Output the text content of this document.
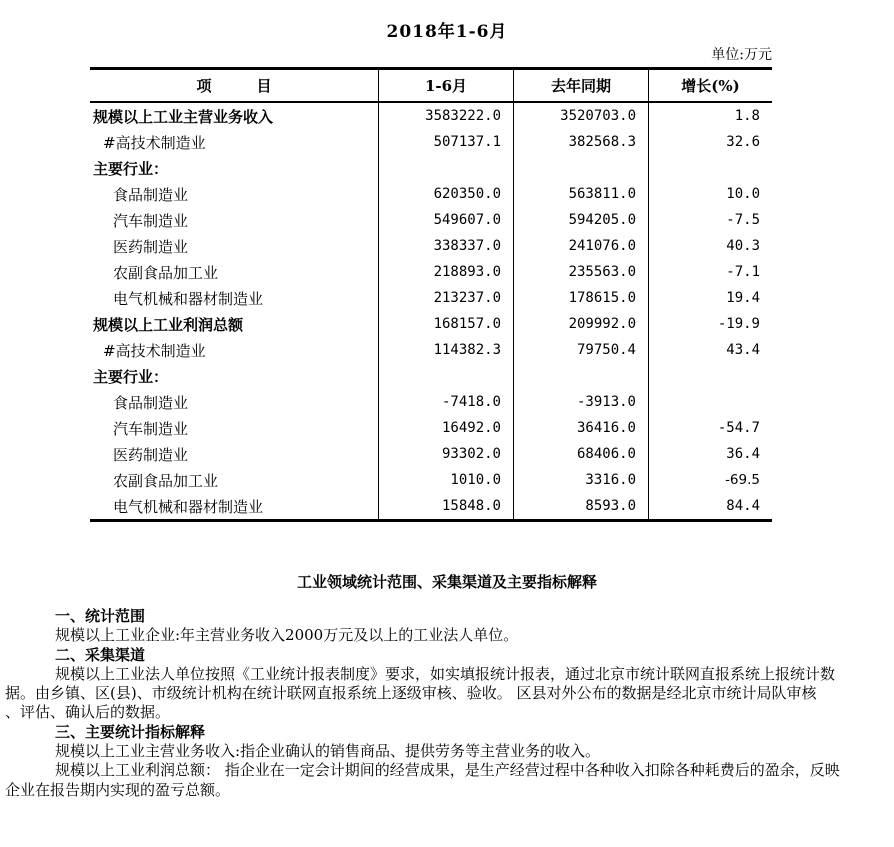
2018年1-6月
单位:万元
项　　　目	1-6月	去年同期	增长(%)
规模以上工业主营业务收入	3583222.0	3520703.0	1.8
#高技术制造业	507137.1	382568.3	32.6
主要行业：
食品制造业	620350.0	563811.0	10.0
汽车制造业	549607.0	594205.0	-7.5
医药制造业	338337.0	241076.0	40.3
农副食品加工业	218893.0	235563.0	-7.1
电气机械和器材制造业	213237.0	178615.0	19.4
规模以上工业利润总额	168157.0	209992.0	-19.9
#高技术制造业	114382.3	79750.4	43.4
主要行业：
食品制造业	-7418.0	-3913.0
汽车制造业	16492.0	36416.0	-54.7
医药制造业	93302.0	68406.0	36.4
农副食品加工业	1010.0	3316.0	-69.5
电气机械和器材制造业	15848.0	8593.0	84.4
工业领域统计范围、采集渠道及主要指标解释
一、统计范围
规模以上工业企业:年主营业务收入2000万元及以上的工业法人单位。
二、采集渠道
规模以上工业法人单位按照《工业统计报表制度》要求，如实填报统计报表，通过北京市统计联网直报系统上报统计数
据。由乡镇、区(县)、市级统计机构在统计联网直报系统上逐级审核、验收。 区县对外公布的数据是经北京市统计局队审核
、评估、确认后的数据。
三、主要统计指标解释
规模以上工业主营业务收入:指企业确认的销售商品、提供劳务等主营业务的收入。
规模以上工业利润总额： 指企业在一定会计期间的经营成果，是生产经营过程中各种收入扣除各种耗费后的盈余，反映
企业在报告期内实现的盈亏总额。
